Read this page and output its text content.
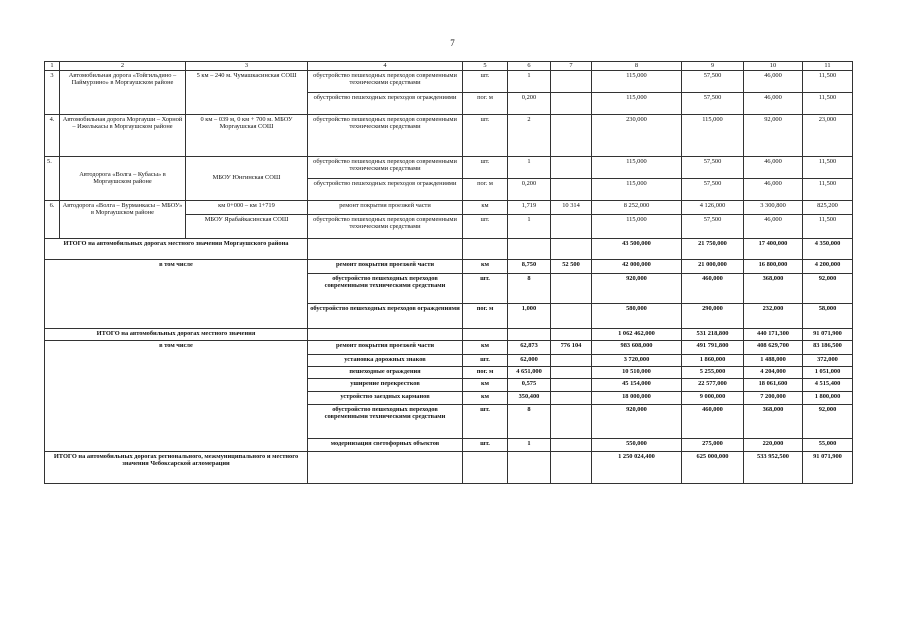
7
1	2	3	4	5	6	7	8	9	10	11
3	Автомобильная дорога «Тойгильдино – Паймурзино» в Моргаушском районе	5 км – 240 м. Чумашкасинская СОШ	обустройство пешеходных переходов современными техническими средствами	шт.	1		115,000	57,500	46,000	11,500
			обустройство пешеходных переходов ограждениями	пог. м	0,200		115,000	57,500	46,000	11,500
4.	Автомобильная дорога Моргауши – Хорной – Ижелькасы в Моргаушском районе	0 км – 039 м, 0 км + 700 м. МБОУ Моргаушская СОШ	обустройство пешеходных переходов современными техническими средствами	шт.	2		230,000	115,000	92,000	23,000
5.	Автодорога «Волга – Кубасы» в Моргаушском районе	МБОУ Юнгинская СОШ	обустройство пешеходных переходов современными техническими средствами	шт.	1		115,000	57,500	46,000	11,500
			обустройство пешеходных переходов ограждениями	пог. м	0,200		115,000	57,500	46,000	11,500
6.	Автодорога «Волга – Вурманкасы – МБОУ» в Моргаушском районе	км 0+000 – км 1+719	ремонт покрытия проезжей части	км	1,719	10 314	8 252,000	4 126,000	3 300,800	825,200
		МБОУ Ярабайкасинская СОШ	обустройство пешеходных переходов современными техническими средствами	шт.	1		115,000	57,500	46,000	11,500
ИТОГО на автомобильных дорогах местного значения Моргаушского района							43 500,000	21 750,000	17 400,000	4 350,000
в том числе			ремонт покрытия проезжей части	км	8,750	52 500	42 000,000	21 000,000	16 800,000	4 200,000
			обустройство пешеходных переходов современными техническими средствами	шт.	8		920,000	460,000	368,000	92,000
			обустройство пешеходных переходов ограждениями	пог. м	1,000		580,000	290,000	232,000	58,000
ИТОГО на автомобильных дорогах местного значения							1 062 462,000	531 218,800	440 171,300	91 071,900
в том числе			ремонт покрытия проезжей части	км	62,873	776 104	983 608,000	491 791,800	408 629,700	83 186,500
			установка дорожных знаков	шт.	62,000		3 720,000	1 860,000	1 488,000	372,000
			пешеходные ограждения	пог. м	4 651,000		10 510,000	5 255,000	4 204,000	1 051,000
			уширение перекрестков	км	0,575		45 154,000	22 577,000	18 061,600	4 515,400
			устройство заездных карманов	км	350,400		18 000,000	9 000,000	7 200,000	1 800,000
			обустройство пешеходных переходов современными техническими средствами	шт.	8		920,000	460,000	368,000	92,000
			модернизация светофорных объектов	шт.	1		550,000	275,000	220,000	55,000
ИТОГО на автомобильных дорогах регионального, межмуниципального и местного значения Чебоксарской агломерации							1 250 024,400	625 000,000	533 952,500	91 071,900
